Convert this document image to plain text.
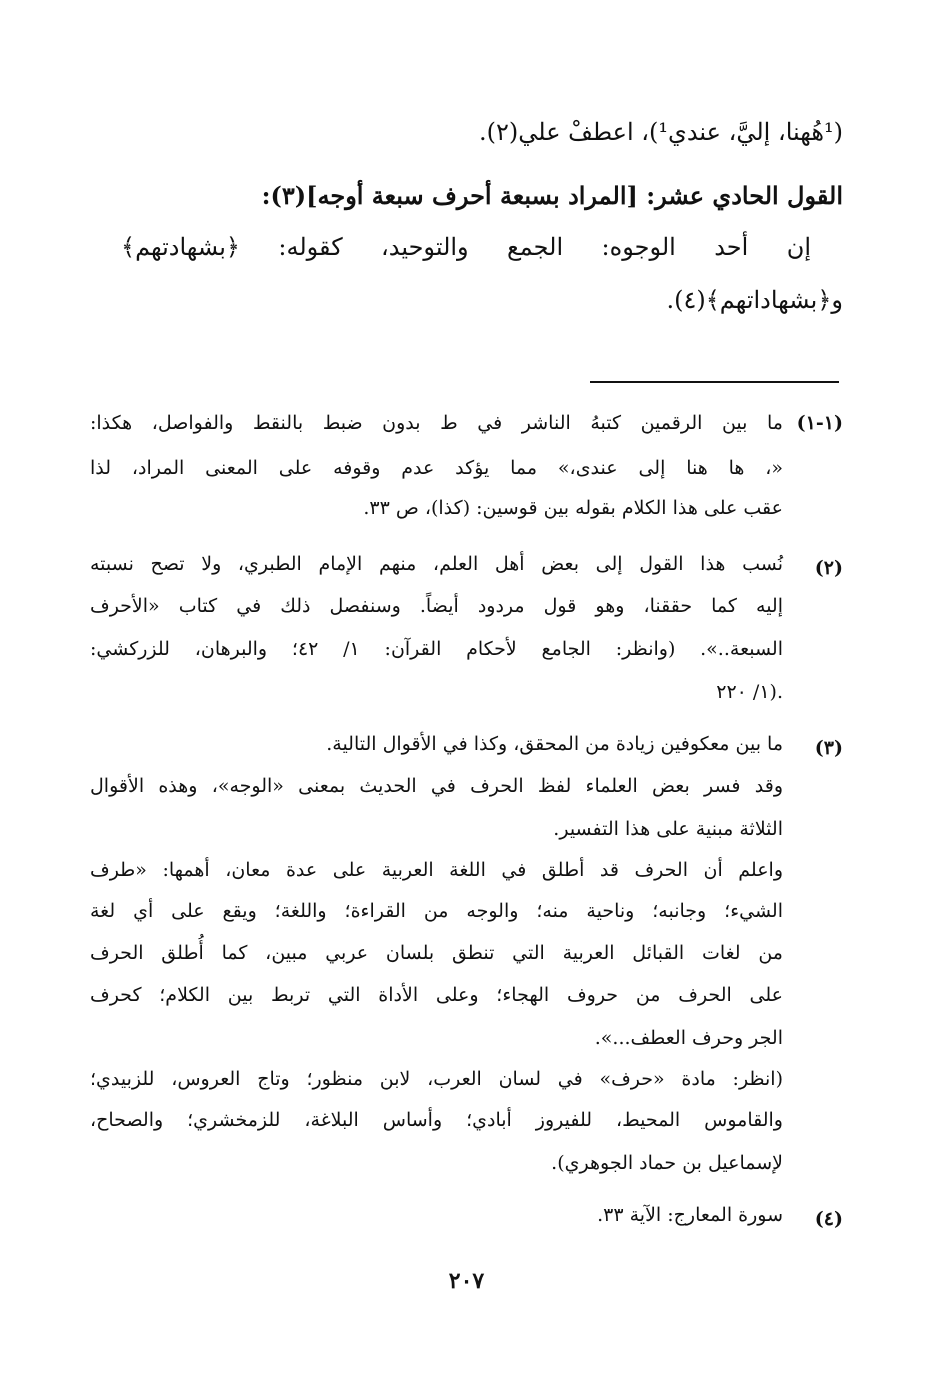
(¹هُهنا، إليَّ، عندي¹)، اعطفْ علي(٢).
القول الحادي عشر: [المراد بسبعة أحرف سبعة أوجه](٣):
إن أحد الوجوه: الجمع والتوحيد، كقوله: ﴿بشهادتهم﴾
و﴿بشهاداتهم﴾(٤).
(١-١)
ما بين الرقمين كتبهُ الناشر في ط بدون ضبط بالنقط والفواصل، هكذا:
«، ها هنا إلى عندى،» مما يؤكد عدم وقوفه على المعنى المراد، لذا
عقب على هذا الكلام بقوله بين قوسين: (كذا)، ص ٣٣.
(٢)
نُسب هذا القول إلى بعض أهل العلم، منهم الإمام الطبري، ولا تصح نسبته
إليه كما حققنا، وهو قول مردود أيضاً. وسنفصل ذلك في كتاب «الأحرف
السبعة..». (وانظر: الجامع لأحكام القرآن: ١/ ٤٢؛ والبرهان، للزركشي:
١/ ٢٢٠).
(٣)
ما بين معكوفين زيادة من المحقق، وكذا في الأقوال التالية.
وقد فسر بعض العلماء لفظ الحرف في الحديث بمعنى «الوجه»، وهذه الأقوال
الثلاثة مبنية على هذا التفسير.
واعلم أن الحرف قد أطلق في اللغة العربية على عدة معان، أهمها: «طرف
الشيء؛ وجانبه؛ وناحية منه؛ والوجه من القراءة؛ واللغة؛ ويقع على أي لغة
من لغات القبائل العربية التي تنطق بلسان عربي مبين، كما أُطلق الحرف
على الحرف من حروف الهجاء؛ وعلى الأداة التي تربط بين الكلام؛ كحرف
الجر وحرف العطف...».
(انظر: مادة «حرف» في لسان العرب، لابن منظور؛ وتاج العروس، للزبيدي؛
والقاموس المحيط، للفيروز أبادي؛ وأساس البلاغة، للزمخشري؛ والصحاح،
لإسماعيل بن حماد الجوهري).
(٤)
سورة المعارج: الآية ٣٣.
٢٠٧
